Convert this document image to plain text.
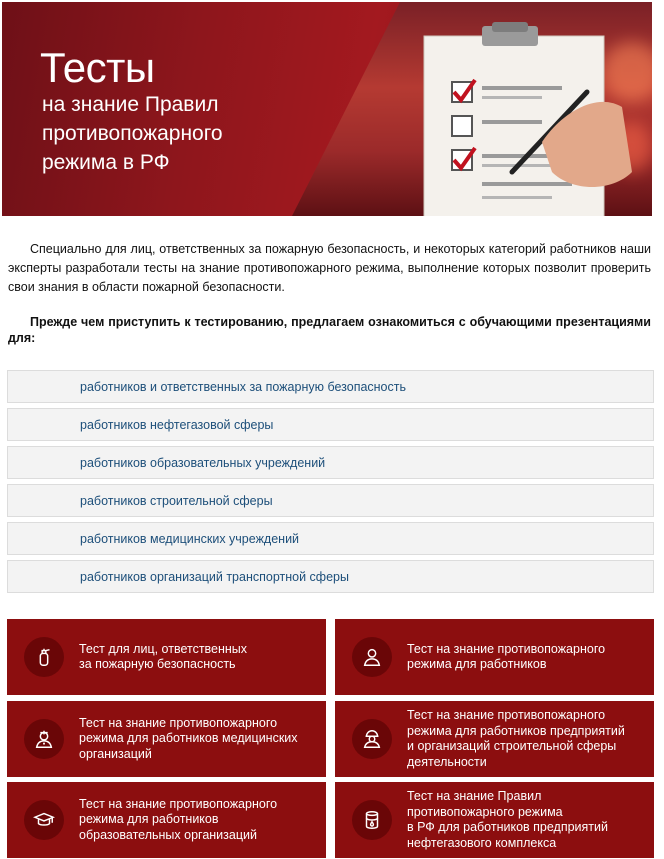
Тесты
на знание Правил противопожарного режима в РФ

Специально для лиц, ответственных за пожарную безопасность, и некоторых категорий работников наши эксперты разработали тесты на знание противопожарного режима, выполнение которых позволит проверить свои знания в области пожарной безопасности.

Прежде чем приступить к тестированию, предлагаем ознакомиться с обучающими презентациями для:

работников и ответственных за пожарную безопасность
работников нефтегазовой сферы
работников образовательных учреждений
работников строительной сферы
работников медицинских учреждений
работников организаций транспортной сферы
Тест для лиц, ответственных
за пожарную безопасность
Тест на знание противопожарного
режима для работников
Тест на знание противопожарного
режима для работников медицинских
организаций
Тест на знание противопожарного
режима для работников предприятий
и организаций строительной сферы
деятельности
Тест на знание противопожарного
режима для работников
образовательных организаций
Тест на знание Правил
противопожарного режима
в РФ для работников предприятий
нефтегазового комплекса
